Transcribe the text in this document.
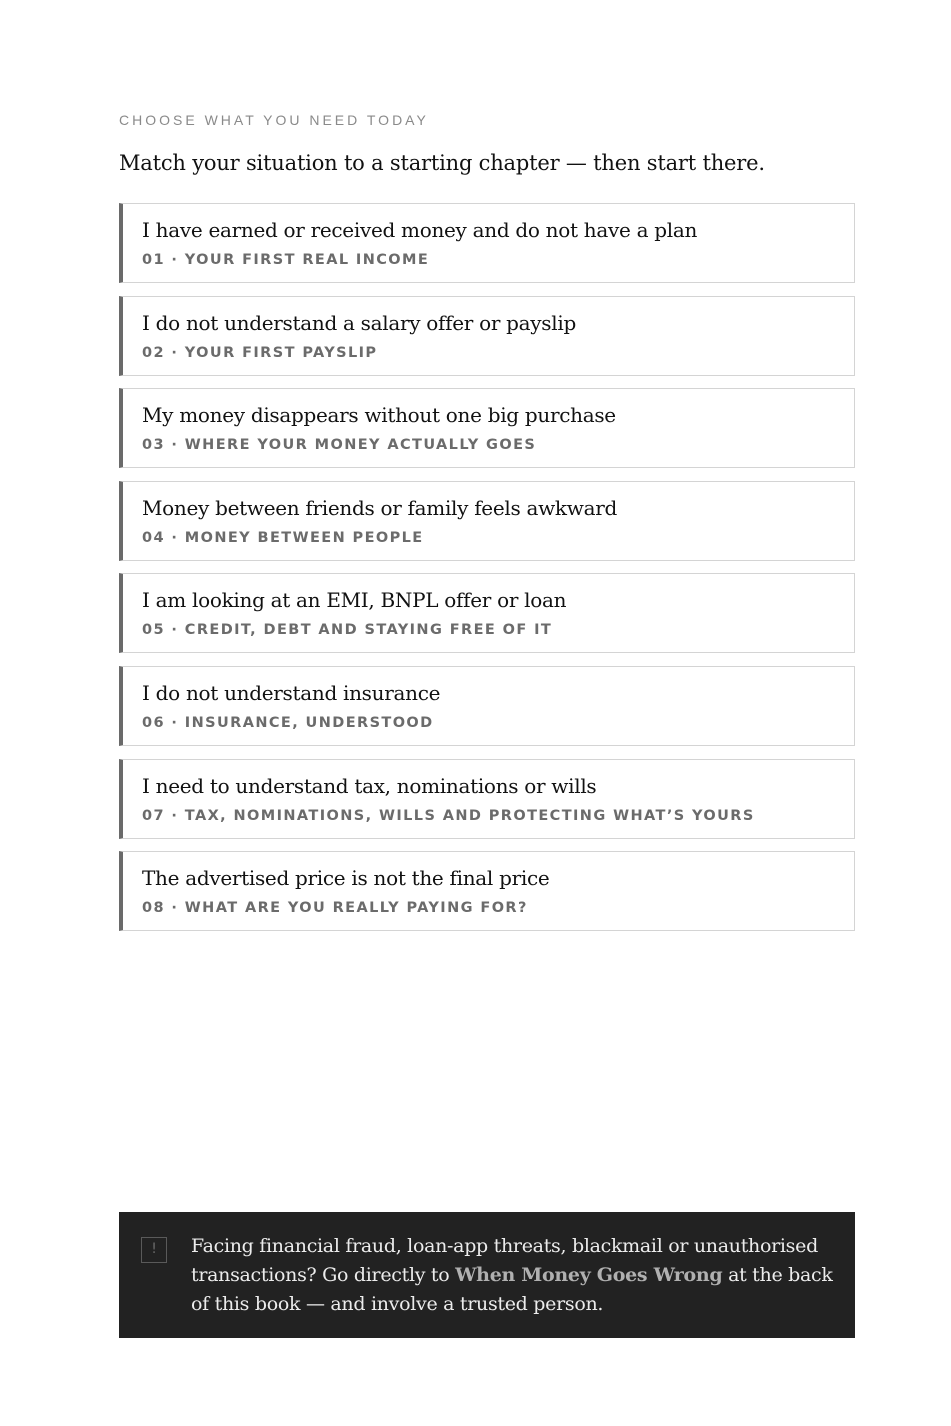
CHOOSE WHAT YOU NEED TODAY
Match your situation to a starting chapter — then start there.
I have earned or received money and do not have a plan
01 · YOUR FIRST REAL INCOME
I do not understand a salary offer or payslip
02 · YOUR FIRST PAYSLIP
My money disappears without one big purchase
03 · WHERE YOUR MONEY ACTUALLY GOES
Money between friends or family feels awkward
04 · MONEY BETWEEN PEOPLE
I am looking at an EMI, BNPL offer or loan
05 · CREDIT, DEBT AND STAYING FREE OF IT
I do not understand insurance
06 · INSURANCE, UNDERSTOOD
I need to understand tax, nominations or wills
07 · TAX, NOMINATIONS, WILLS AND PROTECTING WHAT’S YOURS
The advertised price is not the final price
08 · WHAT ARE YOU REALLY PAYING FOR?
!	Facing financial fraud, loan-app threats, blackmail or unauthorised transactions? Go directly to When Money Goes Wrong at the back of this book — and involve a trusted person.
